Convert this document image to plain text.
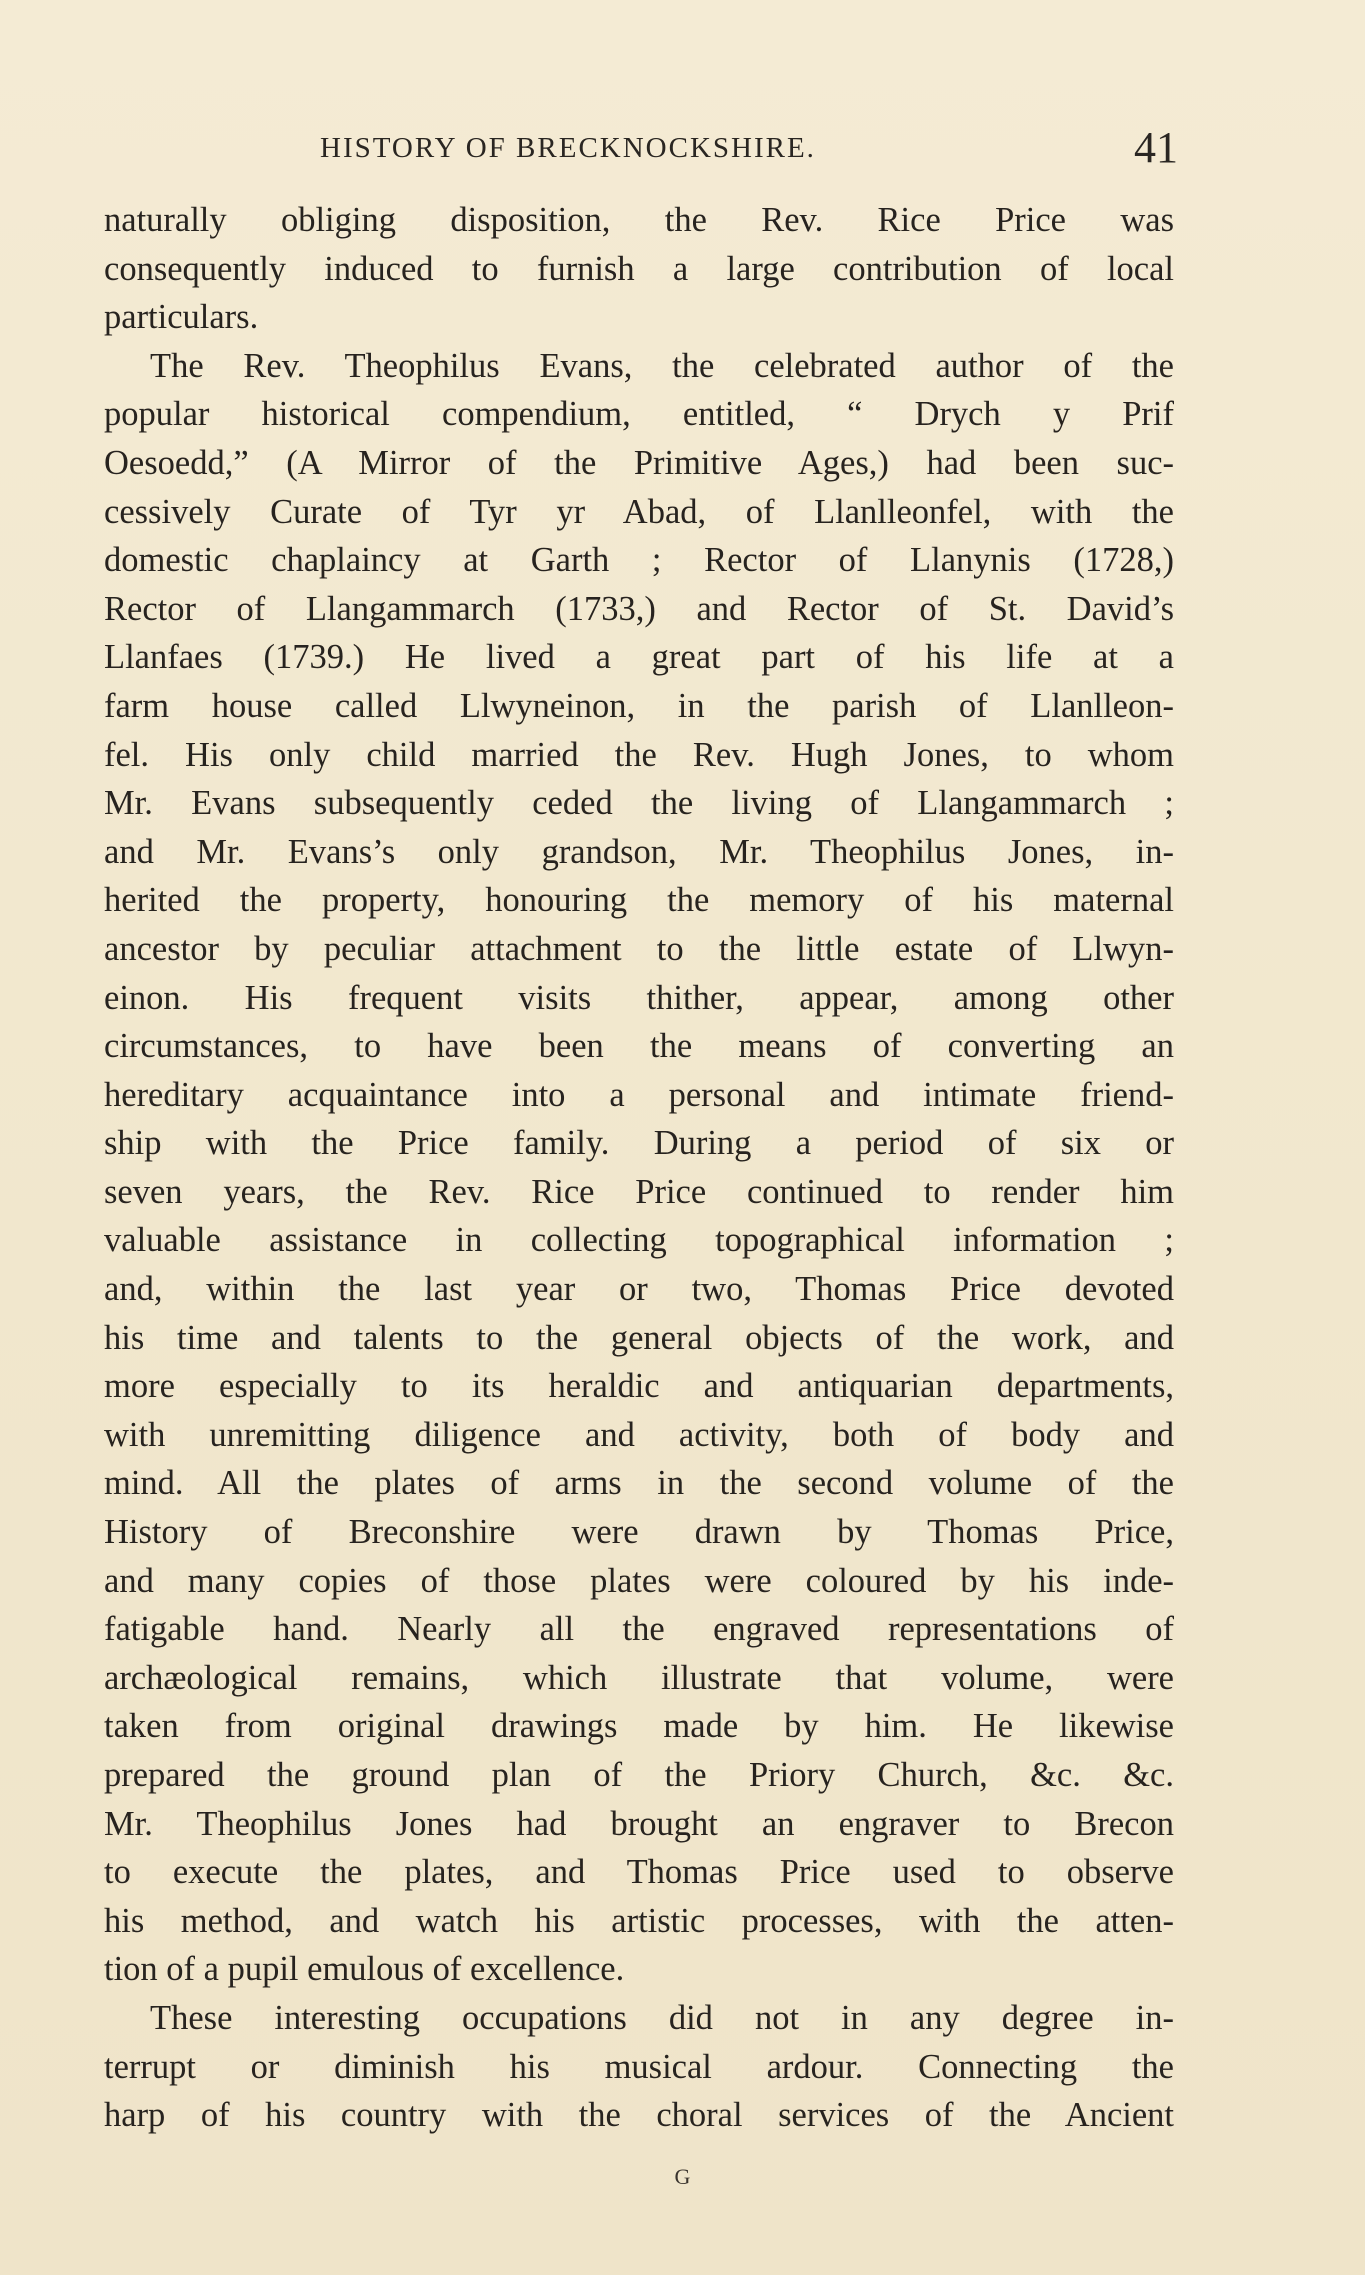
HISTORY OF BRECKNOCKSHIRE.	41
naturally obliging disposition, the Rev. Rice Price was
consequently induced to furnish a large contribution of local
particulars.
The Rev. Theophilus Evans, the celebrated author of the
popular historical compendium, entitled, “ Drych y Prif
Oesoedd,” (A Mirror of the Primitive Ages,) had been suc-
cessively Curate of Tyr yr Abad, of Llanlleonfel, with the
domestic chaplaincy at Garth ; Rector of Llanynis (1728,)
Rector of Llangammarch (1733,) and Rector of St. David’s
Llanfaes (1739.) He lived a great part of his life at a
farm house called Llwyneinon, in the parish of Llanlleon-
fel. His only child married the Rev. Hugh Jones, to whom
Mr. Evans subsequently ceded the living of Llangammarch ;
and Mr. Evans’s only grandson, Mr. Theophilus Jones, in-
herited the property, honouring the memory of his maternal
ancestor by peculiar attachment to the little estate of Llwyn-
einon. His frequent visits thither, appear, among other
circumstances, to have been the means of converting an
hereditary acquaintance into a personal and intimate friend-
ship with the Price family. During a period of six or
seven years, the Rev. Rice Price continued to render him
valuable assistance in collecting topographical information ;
and, within the last year or two, Thomas Price devoted
his time and talents to the general objects of the work, and
more especially to its heraldic and antiquarian departments,
with unremitting diligence and activity, both of body and
mind. All the plates of arms in the second volume of the
History of Breconshire were drawn by Thomas Price,
and many copies of those plates were coloured by his inde-
fatigable hand. Nearly all the engraved representations of
archæological remains, which illustrate that volume, were
taken from original drawings made by him. He likewise
prepared the ground plan of the Priory Church, &c. &c.
Mr. Theophilus Jones had brought an engraver to Brecon
to execute the plates, and Thomas Price used to observe
his method, and watch his artistic processes, with the atten-
tion of a pupil emulous of excellence.
These interesting occupations did not in any degree in-
terrupt or diminish his musical ardour. Connecting the
harp of his country with the choral services of the Ancient
G
